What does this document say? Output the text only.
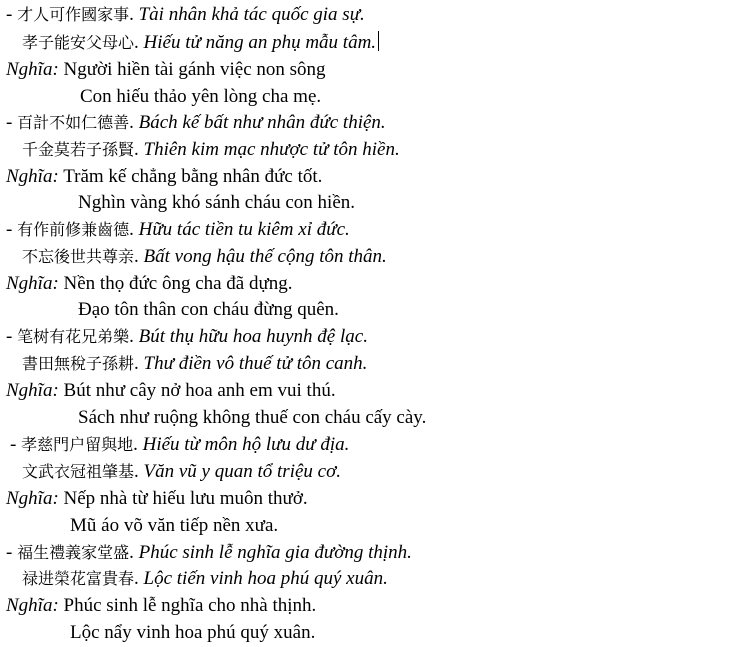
- 才人可作國家事. Tài nhân khả tác quốc gia sự.
孝子能安父母心. Hiếu tử năng an phụ mẫu tâm.
Nghĩa: Người hiền tài gánh việc non sông
Con hiếu thảo yên lòng cha mẹ.
- 百計不如仁德善. Bách kế bất như nhân đức thiện.
千金莫若子孫賢. Thiên kim mạc nhược tử tôn hiền.
Nghĩa: Trăm kế chẳng bằng nhân đức tốt.
Nghìn vàng khó sánh cháu con hiền.
- 有作前修兼齒德. Hữu tác tiền tu kiêm xỉ đức.
不忘後世共尊亲. Bất vong hậu thế cộng tôn thân.
Nghĩa: Nền thọ đức ông cha đã dựng.
Đạo tôn thân con cháu đừng quên.
- 笔树有花兄弟樂. Bút thụ hữu hoa huynh đệ lạc.
書田無稅子孫耕. Thư điền vô thuế tử tôn canh.
Nghĩa: Bút như cây nở hoa anh em vui thú.
Sách như ruộng không thuế con cháu cấy cày.
- 孝慈門户留與地. Hiếu từ môn hộ lưu dư địa.
文武衣冠祖肇基. Văn vũ y quan tổ triệu cơ.
Nghĩa: Nếp nhà từ hiếu lưu muôn thưở.
Mũ áo võ văn tiếp nền xưa.
- 福生禮義家堂盛. Phúc sinh lễ nghĩa gia đường thịnh.
禄进榮花富貴春. Lộc tiến vinh hoa phú quý xuân.
Nghĩa: Phúc sinh lễ nghĩa cho nhà thịnh.
Lộc nẩy vinh hoa phú quý xuân.
